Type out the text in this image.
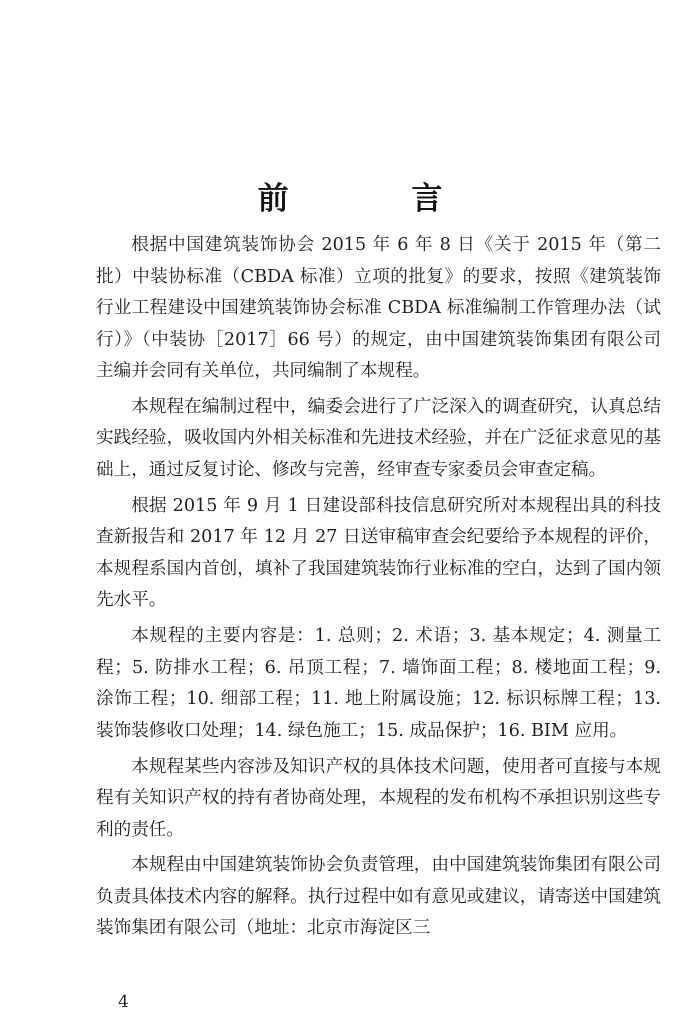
前 言

根据中国建筑装饰协会 2015 年 6 年 8 日《关于 2015 年（第二批）中装协标准（CBDA 标准）立项的批复》的要求，按照《建筑装饰行业工程建设中国建筑装饰协会标准 CBDA 标准编制工作管理办法（试行）》（中装协［2017］66 号）的规定，由中国建筑装饰集团有限公司主编并会同有关单位，共同编制了本规程。

本规程在编制过程中，编委会进行了广泛深入的调查研究，认真总结实践经验，吸收国内外相关标准和先进技术经验，并在广泛征求意见的基础上，通过反复讨论、修改与完善，经审查专家委员会审查定稿。

根据 2015 年 9 月 1 日建设部科技信息研究所对本规程出具的科技查新报告和 2017 年 12 月 27 日送审稿审查会纪要给予本规程的评价，本规程系国内首创，填补了我国建筑装饰行业标准的空白，达到了国内领先水平。

本规程的主要内容是：1. 总则；2. 术语；3. 基本规定；4. 测量工程；5. 防排水工程；6. 吊顶工程；7. 墙饰面工程；8. 楼地面工程；9. 涂饰工程；10. 细部工程；11. 地上附属设施；12. 标识标牌工程；13. 装饰装修收口处理；14. 绿色施工；15. 成品保护；16. BIM 应用。

本规程某些内容涉及知识产权的具体技术问题，使用者可直接与本规程有关知识产权的持有者协商处理，本规程的发布机构不承担识别这些专利的责任。

本规程由中国建筑装饰协会负责管理，由中国建筑装饰集团有限公司负责具体技术内容的解释。执行过程中如有意见或建议，请寄送中国建筑装饰集团有限公司（地址：北京市海淀区三

4
